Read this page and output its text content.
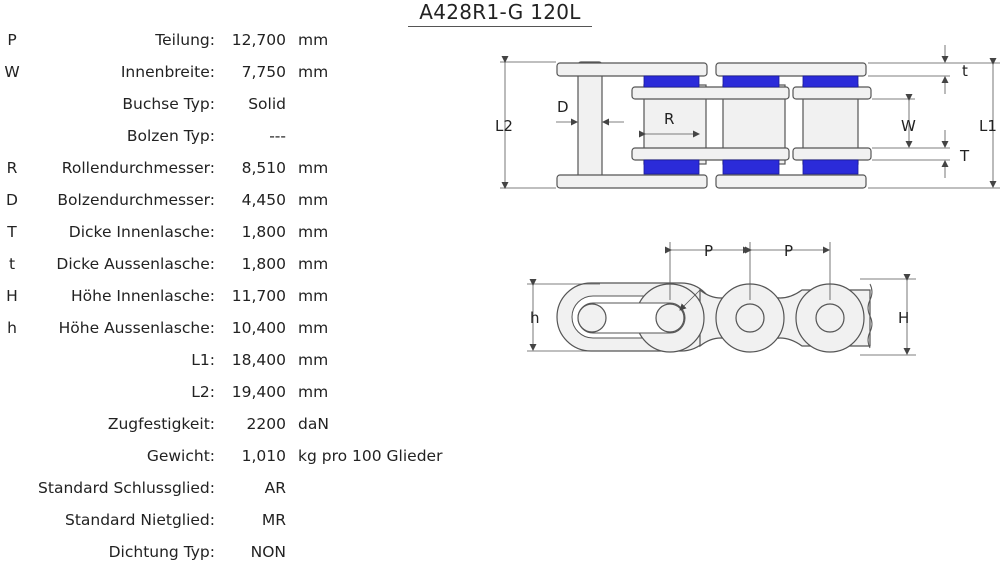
A428R1-G 120L
P	Teilung:	12,700 mm
W	Innenbreite:	7,750 mm
Buchse Typ:	Solid
Bolzen Typ:	---
R	Rollendurchmesser:	8,510 mm
D	Bolzendurchmesser:	4,450 mm
T	Dicke Innenlasche:	1,800 mm
t	Dicke Aussenlasche:	1,800 mm
H	Höhe Innenlasche:	11,700 mm
h	Höhe Aussenlasche:	10,400 mm
L1:	18,400 mm
L2:	19,400 mm
Zugfestigkeit:	2200 daN
Gewicht:	1,010 kg pro 100 Glieder
Standard Schlussglied:	AR
Standard Nietglied:	MR
Dichtung Typ:	NON
L2
D
R	W	L1
t
T
P	P
h	H
